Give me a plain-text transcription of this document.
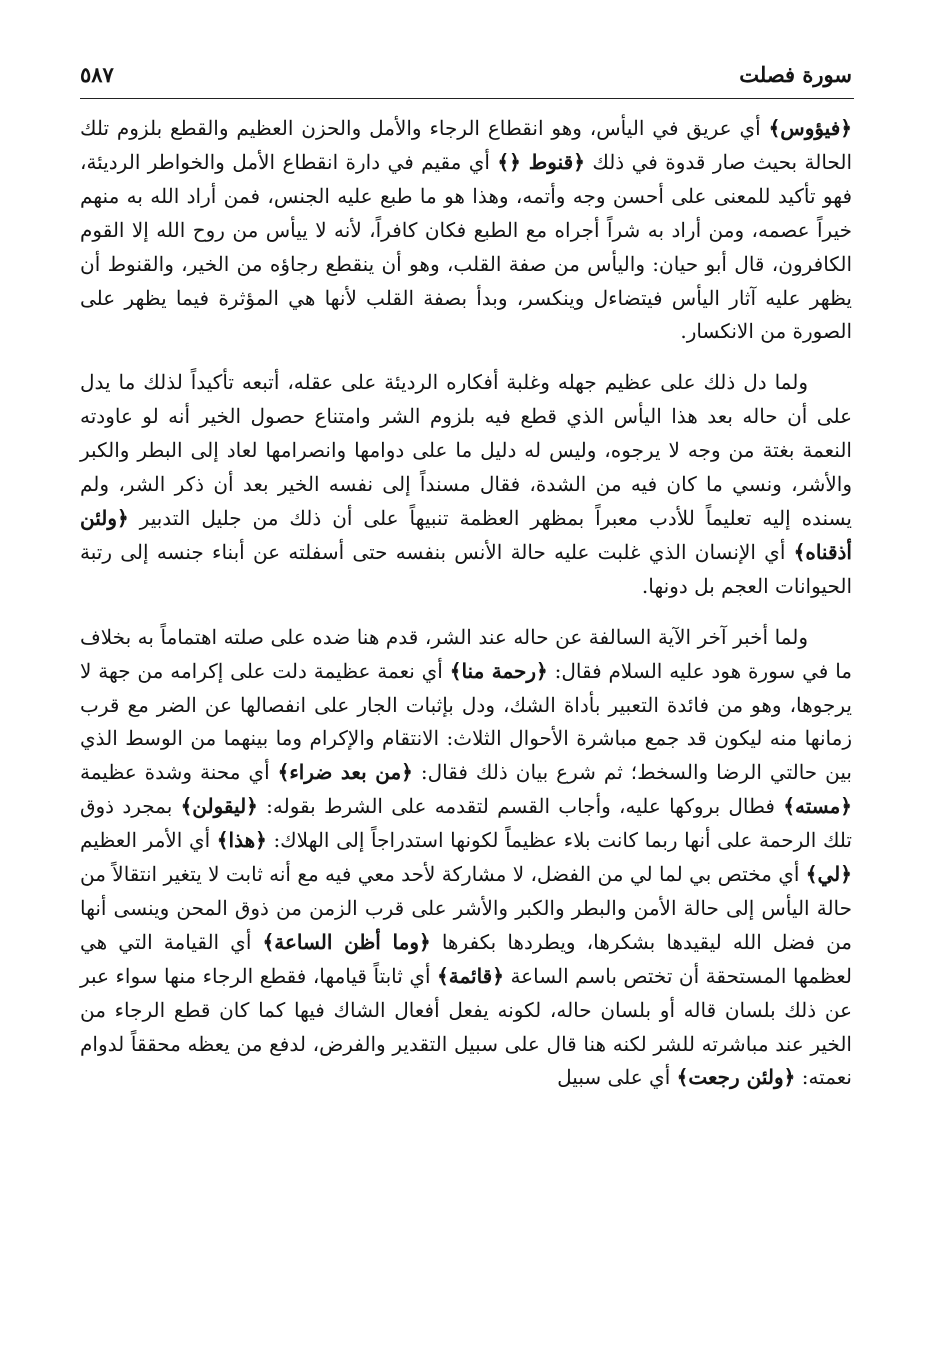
سورة فصلت
٥٨٧

﴿فيؤوس﴾ أي عريق في اليأس، وهو انقطاع الرجاء والأمل والحزن العظيم والقطع بلزوم تلك الحالة بحيث صار قدوة في ذلك ﴿قنوط ﴿﴾ أي مقيم في دارة انقطاع الأمل والخواطر الرديئة، فهو تأكيد للمعنى على أحسن وجه وأتمه، وهذا هو ما طبع عليه الجنس، فمن أراد الله به منهم خيراً عصمه، ومن أراد به شراً أجراه مع الطبع فكان كافراً، لأنه لا ييأس من روح الله إلا القوم الكافرون، قال أبو حيان: واليأس من صفة القلب، وهو أن ينقطع رجاؤه من الخير، والقنوط أن يظهر عليه آثار اليأس فيتضاءل وينكسر، وبدأ بصفة القلب لأنها هي المؤثرة فيما يظهر على الصورة من الانكسار.

ولما دل ذلك على عظيم جهله وغلبة أفكاره الرديئة على عقله، أتبعه تأكيداً لذلك ما يدل على أن حاله بعد هذا اليأس الذي قطع فيه بلزوم الشر وامتناع حصول الخير أنه لو عاودته النعمة بغتة من وجه لا يرجوه، وليس له دليل ما على دوامها وانصرامها لعاد إلى البطر والكبر والأشر، ونسي ما كان فيه من الشدة، فقال مسنداً إلى نفسه الخير بعد أن ذكر الشر، ولم يسنده إليه تعليماً للأدب معبراً بمظهر العظمة تنبيهاً على أن ذلك من جليل التدبير ﴿ولئن أذقناه﴾ أي الإنسان الذي غلبت عليه حالة الأنس بنفسه حتى أسفلته عن أبناء جنسه إلى رتبة الحيوانات العجم بل دونها.

ولما أخبر آخر الآية السالفة عن حاله عند الشر، قدم هنا ضده على صلته اهتماماً به بخلاف ما في سورة هود عليه السلام فقال: ﴿رحمة منا﴾ أي نعمة عظيمة دلت على إكرامه من جهة لا يرجوها، وهو من فائدة التعبير بأداة الشك، ودل بإثبات الجار على انفصالها عن الضر مع قرب زمانها منه ليكون قد جمع مباشرة الأحوال الثلاث: الانتقام والإكرام وما بينهما من الوسط الذي بين حالتي الرضا والسخط؛ ثم شرع بيان ذلك فقال: ﴿من بعد ضراء﴾ أي محنة وشدة عظيمة ﴿مسته﴾ فطال بروكها عليه، وأجاب القسم لتقدمه على الشرط بقوله: ﴿ليقولن﴾ بمجرد ذوق تلك الرحمة على أنها ربما كانت بلاء عظيماً لكونها استدراجاً إلى الهلاك: ﴿هذا﴾ أي الأمر العظيم ﴿لي﴾ أي مختص بي لما لي من الفضل، لا مشاركة لأحد معي فيه مع أنه ثابت لا يتغير انتقالاً من حالة اليأس إلى حالة الأمن والبطر والكبر والأشر على قرب الزمن من ذوق المحن وينسى أنها من فضل الله ليقيدها بشكرها، ويطردها بكفرها ﴿وما أظن الساعة﴾ أي القيامة التي هي لعظمها المستحقة أن تختص باسم الساعة ﴿قائمة﴾ أي ثابتاً قيامها، فقطع الرجاء منها سواء عبر عن ذلك بلسان قاله أو بلسان حاله، لكونه يفعل أفعال الشاك فيها كما كان قطع الرجاء من الخير عند مباشرته للشر لكنه هنا قال على سبيل التقدير والفرض، لدفع من يعظه محققاً لدوام نعمته: ﴿ولئن رجعت﴾ أي على سبيل
